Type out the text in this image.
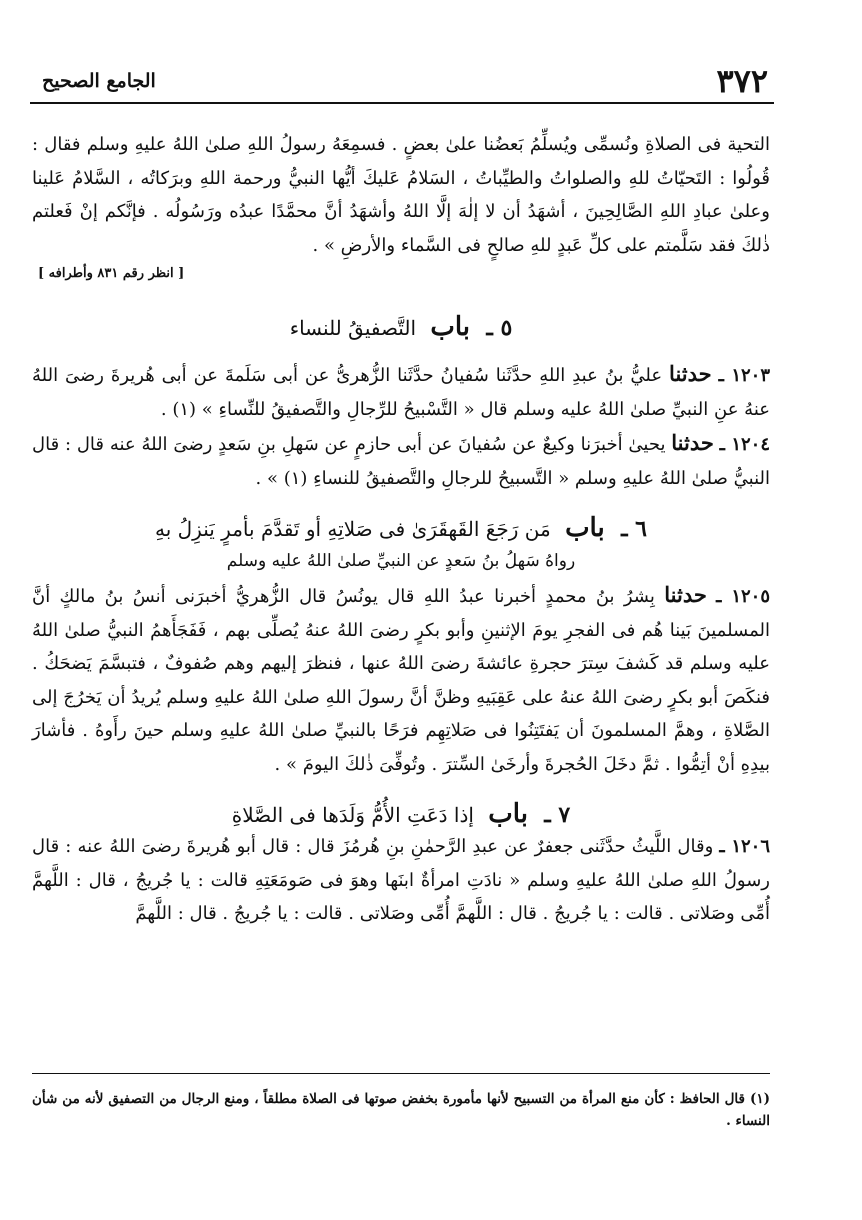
٣٧٢
الجامع الصحيح

التحية فى الصلاةِ ونُسمِّى ويُسلِّمُ بَعضُنا علىٰ بعضٍ . فسمِعَهُ رسولُ اللهِ صلىٰ اللهُ عليهِ وسلم فقال : قُولُوا : التَحيّاتُ للهِ والصلواتُ والطيِّباتُ ، السَلامُ عَليكَ أيُّها النبيُّ ورحمة اللهِ وبرَكاتُه ، السَّلامُ عَلينا وعلىٰ عبادِ اللهِ الصَّالِحِينَ ، أشهَدُ أن لا إلٰهَ إلَّا اللهُ وأشهَدُ أنَّ محمَّدًا عبدُه ورَسُولُه . فإنَّكم إنْ فَعلتم ذٰلكَ فقد سَلَّمتم على كلِّ عَبدٍ للهِ صالحٍ فى السَّماء والأرضِ » .

[ انظر رقم ٨٣١ وأطرافه ]

٥ ـ باب التَّصفيقُ للنساء

١٢٠٣ ـ حدثنا عليُّ بنُ عبدِ اللهِ حدَّثَنا سُفيانُ حدَّثَنا الزُّهرىُّ عن أبى سَلَمةَ عن أبى هُريرةَ رضىَ اللهُ عنهُ عنِ النبيِّ صلىٰ اللهُ عليه وسلم قال « التَّسْبيحُ للرِّجالِ والتَّصفيقُ للنِّساءِ » (١) .

١٢٠٤ ـ حدثنا يحيىٰ أخبرَنا وكيعٌ عن سُفيانَ عن أبى حازمٍ عن سَهلِ بنِ سَعدٍ رضىَ اللهُ عنه قال : قال النبيُّ صلىٰ اللهُ عليهِ وسلم « التَّسبيحُ للرجالِ والتَّصفيقُ للنساءِ (١) » .

٦ ـ باب مَن رَجَعَ القَهقَرَىٰ فى صَلاتِهِ أو تَقدَّمَ بأمرٍ يَنزِلُ بهِ

رواهُ سَهلُ بنُ سَعدٍ عن النبيِّ صلىٰ اللهُ عليه وسلم

١٢٠٥ ـ حدثنا بِشرُ بنُ محمدٍ أخبرنا عبدُ اللهِ قال يونُسُ قال الزُّهريُّ أخبرَنى أنسُ بنُ مالكٍ أنَّ المسلمينَ بَينا هُم فى الفجرِ يومَ الإثنينِ وأبو بكرٍ رضىَ اللهُ عنهُ يُصلِّى بهم ، فَفَجَأَهمُ النبيُّ صلىٰ اللهُ عليه وسلم قد كَشفَ سِترَ حجرةِ عائشةَ رضىَ اللهُ عنها ، فنظرَ إليهم وهم صُفوفٌ ، فتبسَّمَ يَضحَكُ . فنكَصَ أبو بكرٍ رضىَ اللهُ عنهُ على عَقِبَيهِ وظنَّ أنَّ رسولَ اللهِ صلىٰ اللهُ عليهِ وسلم يُريدُ أن يَخرُجَ إلى الصَّلاةِ ، وهمَّ المسلمونَ أن يَفتَتِنُوا فى صَلاتِهِم فرَحًا بالنبيِّ صلىٰ اللهُ عليهِ وسلم حينَ رأَوهُ . فأشارَ بيدِهِ أنْ أتِمُّوا . ثمَّ دخَلَ الحُجرةَ وأرخَىٰ السِّترَ . وتُوفِّىَ ذٰلكَ اليومَ » .

٧ ـ باب إذا دَعَتِ الأُمُّ وَلَدَها فى الصَّلاةِ

١٢٠٦ ـ وقال اللَّيثُ حدَّثَنى جعفرٌ عن عبدِ الرَّحمٰنِ بنِ هُرمُزَ قال : قال أبو هُريرةَ رضىَ اللهُ عنه : قال رسولُ اللهِ صلىٰ اللهُ عليهِ وسلم « نادَتِ امرأةٌ ابنَها وهوَ فى صَومَعَتِهِ قالت : يا جُريجُ ، قال : اللَّهمَّ أُمِّى وصَلاتى . قالت : يا جُريجُ . قال : اللَّهمَّ أُمِّى وصَلاتى . قالت : يا جُريجُ . قال : اللَّهمَّ

(١) قال الحافظ : كأن منع المرأة من التسبيح لأنها مأمورة بخفض صوتها فى الصلاة مطلقاً ، ومنع الرجال من التصفيق لأنه من شأن النساء .
